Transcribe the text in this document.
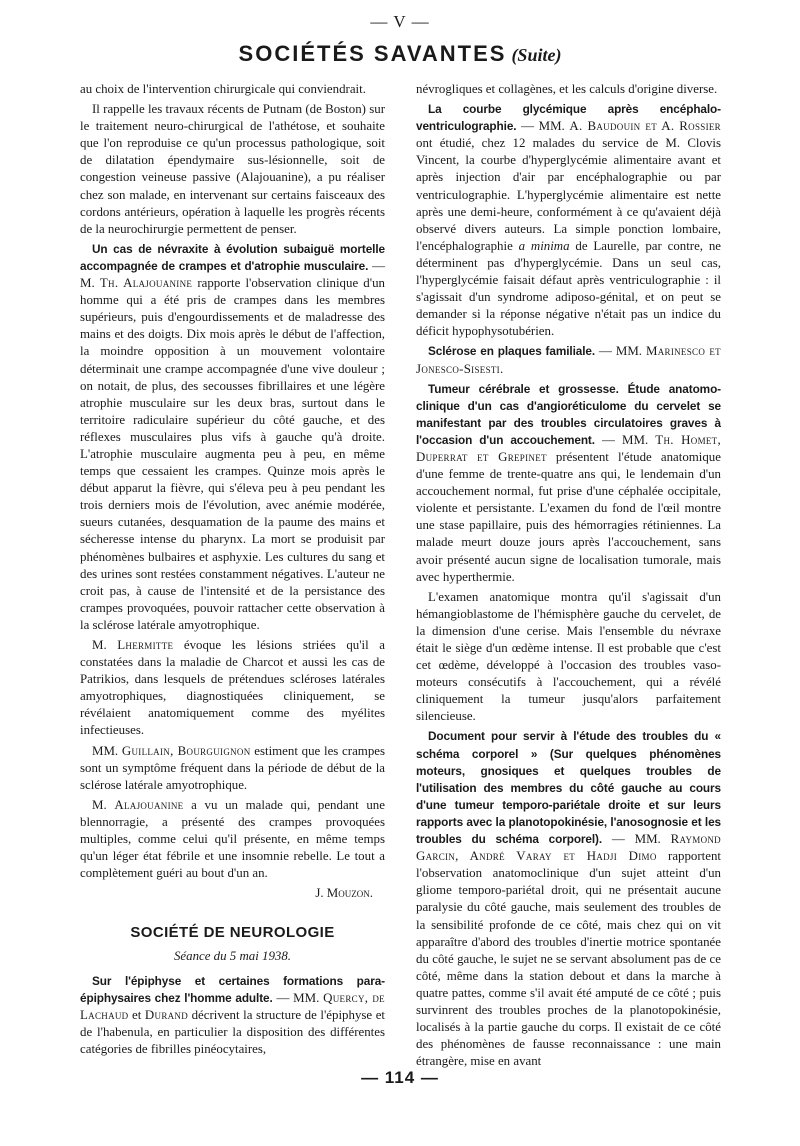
— V —
SOCIÉTÉS SAVANTES (Suite)

au choix de l'intervention chirurgicale qui conviendrait.

Il rappelle les travaux récents de Putnam (de Boston) sur le traitement neuro-chirurgical de l'athétose, et souhaite que l'on reproduise ce qu'un processus pathologique, soit de dilatation épendymaire sus-lésionnelle, soit de congestion veineuse passive (Alajouanine), a pu réaliser chez son malade, en intervenant sur certains faisceaux des cordons antérieurs, opération à laquelle les progrès récents de la neurochirurgie permettent de penser.

Un cas de névraxite à évolution subaiguë mortelle accompagnée de crampes et d'atrophie musculaire. — M. Th. Alajouanine rapporte l'observation clinique d'un homme qui a été pris de crampes dans les membres supérieurs, puis d'engourdissements et de maladresse des mains et des doigts. Dix mois après le début de l'affection, la moindre opposition à un mouvement volontaire déterminait une crampe accompagnée d'une vive douleur ; on notait, de plus, des secousses fibrillaires et une légère atrophie musculaire sur les deux bras, surtout dans le territoire radiculaire supérieur du côté gauche, et des réflexes musculaires plus vifs à gauche qu'à droite. L'atrophie musculaire augmenta peu à peu, en même temps que cessaient les crampes. Quinze mois après le début apparut la fièvre, qui s'éleva peu à peu pendant les trois derniers mois de l'évolution, avec anémie modérée, sueurs cutanées, desquamation de la paume des mains et sécheresse intense du pharynx. La mort se produisit par phénomènes bulbaires et asphyxie. Les cultures du sang et des urines sont restées constamment négatives. L'auteur ne croit pas, à cause de l'intensité et de la persistance des crampes provoquées, pouvoir rattacher cette observation à la sclérose latérale amyotrophique.

M. Lhermitte évoque les lésions striées qu'il a constatées dans la maladie de Charcot et aussi les cas de Patrikios, dans lesquels de prétendues scléroses latérales amyotrophiques, diagnostiquées cliniquement, se révélaient anatomiquement comme des myélites infectieuses.

MM. Guillain, Bourguignon estiment que les crampes sont un symptôme fréquent dans la période de début de la sclérose latérale amyotrophique.

M. Alajouanine a vu un malade qui, pendant une blennorragie, a présenté des crampes provoquées multiples, comme celui qu'il présente, en même temps qu'un léger état fébrile et une insomnie rebelle. Le tout a complètement guéri au bout d'un an.

J. Mouzon.
SOCIÉTÉ DE NEUROLOGIE
Séance du 5 mai 1938.

Sur l'épiphyse et certaines formations para-épiphysaires chez l'homme adulte. — MM. Quercy, de Lachaud et Durand décrivent la structure de l'épiphyse et de l'habenula, en particulier la disposition des différentes catégories de fibrilles pinéocytaires,

névrogliques et collagènes, et les calculs d'origine diverse.

La courbe glycémique après encéphalo-ventriculographie. — MM. A. Baudouin et A. Rossier ont étudié, chez 12 malades du service de M. Clovis Vincent, la courbe d'hyperglycémie alimentaire avant et après injection d'air par encéphalographie ou par ventriculographie. L'hyperglycémie alimentaire est nette après une demi-heure, conformément à ce qu'avaient déjà observé divers auteurs. La simple ponction lombaire, l'encéphalographie a minima de Laurelle, par contre, ne déterminent pas d'hyperglycémie. Dans un seul cas, l'hyperglycémie faisait défaut après ventriculographie : il s'agissait d'un syndrome adiposo-génital, et on peut se demander si la réponse négative n'était pas un indice du déficit hypophysotubérien.

Sclérose en plaques familiale. — MM. Marinesco et Jonesco-Sisesti.

Tumeur cérébrale et grossesse. Étude anatomo-clinique d'un cas d'angioréticulome du cervelet se manifestant par des troubles circulatoires graves à l'occasion d'un accouchement. — MM. Th. Homet, Duperrat et Grepinet présentent l'étude anatomique d'une femme de trente-quatre ans qui, le lendemain d'un accouchement normal, fut prise d'une céphalée occipitale, violente et persistante. L'examen du fond de l'œil montre une stase papillaire, puis des hémorragies rétiniennes. La malade meurt douze jours après l'accouchement, sans avoir présenté aucun signe de localisation tumorale, mais avec hyperthermie.

L'examen anatomique montra qu'il s'agissait d'un hémangioblastome de l'hémisphère gauche du cervelet, de la dimension d'une cerise. Mais l'ensemble du névraxe était le siège d'un œdème intense. Il est probable que c'est cet œdème, développé à l'occasion des troubles vaso-moteurs consécutifs à l'accouchement, qui a révélé cliniquement la tumeur jusqu'alors parfaitement silencieuse.

Document pour servir à l'étude des troubles du « schéma corporel » (Sur quelques phénomènes moteurs, gnosiques et quelques troubles de l'utilisation des membres du côté gauche au cours d'une tumeur temporo-pariétale droite et sur leurs rapports avec la planotopokinésie, l'anosognosie et les troubles du schéma corporel). — MM. Raymond Garcin, André Varay et Hadji Dimo rapportent l'observation anatomoclinique d'un sujet atteint d'un gliome temporo-pariétal droit, qui ne présentait aucune paralysie du côté gauche, mais seulement des troubles de la sensibilité profonde de ce côté, mais chez qui on vit apparaître d'abord des troubles d'inertie motrice spontanée du côté gauche, le sujet ne se servant absolument pas de ce côté, même dans la station debout et dans la marche à quatre pattes, comme s'il avait été amputé de ce côté ; puis survinrent des troubles proches de la planotopokinésie, localisés à la partie gauche du corps. Il existait de ce côté des phénomènes de fausse reconnaissance : une main étrangère, mise en avant

— 114 —
